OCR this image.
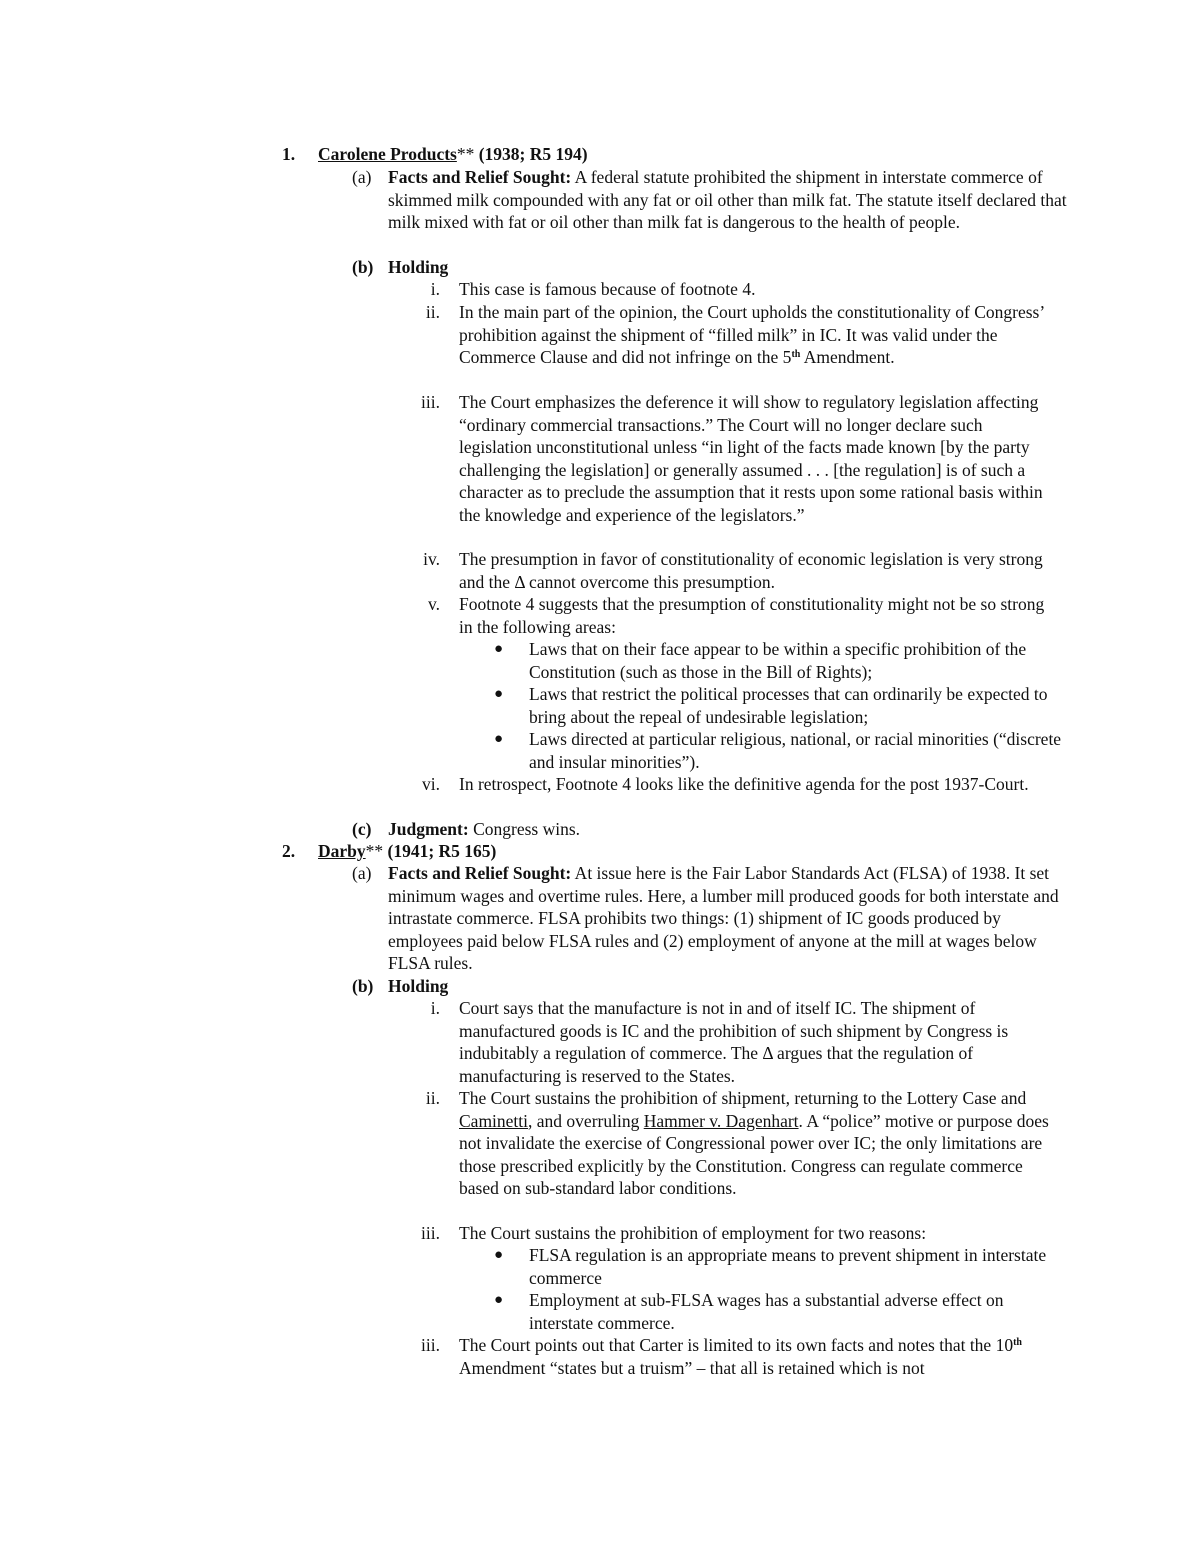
1. Carolene Products** (1938; R5 194)
(a) Facts and Relief Sought: A federal statute prohibited the shipment in interstate commerce of skimmed milk compounded with any fat or oil other than milk fat. The statute itself declared that milk mixed with fat or oil other than milk fat is dangerous to the health of people.

(b) Holding
i. This case is famous because of footnote 4.

ii. In the main part of the opinion, the Court upholds the constitutionality of Congress’ prohibition against the shipment of “filled milk” in IC. It was valid under the Commerce Clause and did not infringe on the 5th Amendment.

iii. The Court emphasizes the deference it will show to regulatory legislation affecting “ordinary commercial transactions.” The Court will no longer declare such legislation unconstitutional unless “in light of the facts made known [by the party challenging the legislation] or generally assumed . . . [the regulation] is of such a character as to preclude the assumption that it rests upon some rational basis within the knowledge and experience of the legislators.”

iv. The presumption in favor of constitutionality of economic legislation is very strong and the Δ cannot overcome this presumption.

v. Footnote 4 suggests that the presumption of constitutionality might not be so strong in the following areas:

● Laws that on their face appear to be within a specific prohibition of the Constitution (such as those in the Bill of Rights);

● Laws that restrict the political processes that can ordinarily be expected to bring about the repeal of undesirable legislation;

● Laws directed at particular religious, national, or racial minorities (“discrete and insular minorities”).

vi. In retrospect, Footnote 4 looks like the definitive agenda for the post 1937-Court.

(c) Judgment: Congress wins.

2. Darby** (1941; R5 165)
(a) Facts and Relief Sought: At issue here is the Fair Labor Standards Act (FLSA) of 1938. It set minimum wages and overtime rules. Here, a lumber mill produced goods for both interstate and intrastate commerce. FLSA prohibits two things: (1) shipment of IC goods produced by employees paid below FLSA rules and (2) employment of anyone at the mill at wages below FLSA rules.

(b) Holding
i. Court says that the manufacture is not in and of itself IC. The shipment of manufactured goods is IC and the prohibition of such shipment by Congress is indubitably a regulation of commerce. The Δ argues that the regulation of manufacturing is reserved to the States.

ii. The Court sustains the prohibition of shipment, returning to the Lottery Case and Caminetti, and overruling Hammer v. Dagenhart. A “police” motive or purpose does not invalidate the exercise of Congressional power over IC; the only limitations are those prescribed explicitly by the Constitution. Congress can regulate commerce based on sub-standard labor conditions.

iii. The Court sustains the prohibition of employment for two reasons:

● FLSA regulation is an appropriate means to prevent shipment in interstate commerce

● Employment at sub-FLSA wages has a substantial adverse effect on interstate commerce.

iii. The Court points out that Carter is limited to its own facts and notes that the 10th Amendment “states but a truism” – that all is retained which is not
